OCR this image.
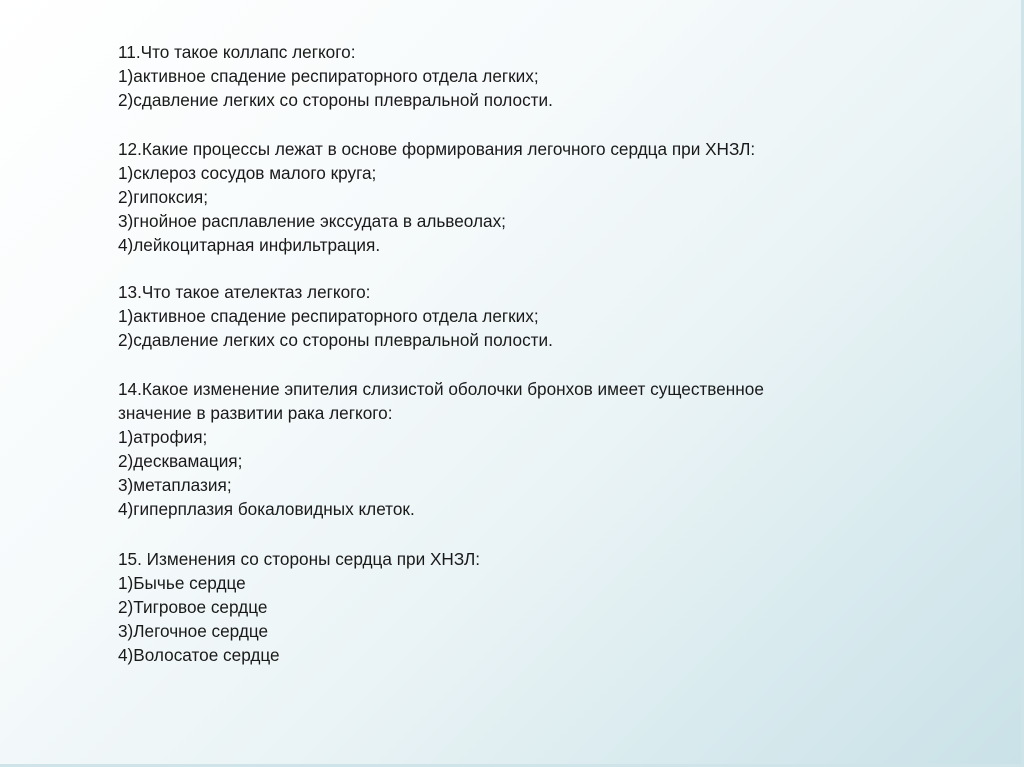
11.Что такое коллапс легкого:

1)активное спадение респираторного отдела легких;

2)сдавление легких со стороны плевральной полости.

12.Какие процессы лежат в основе формирования легочного сердца при ХНЗЛ:

1)склероз сосудов малого круга;

2)гипоксия;

3)гнойное расплавление экссудата в альвеолах;

4)лейкоцитарная инфильтрация.

13.Что такое ателектаз легкого:

1)активное спадение респираторного отдела легких;

2)сдавление легких со стороны плевральной полости.

14.Какое изменение эпителия слизистой оболочки бронхов имеет существенное

значение в развитии рака легкого:

1)атрофия;

2)десквамация;

3)метаплазия;

4)гиперплазия бокаловидных клеток.

15. Изменения со стороны сердца при ХНЗЛ:

1)Бычье сердце

2)Тигровое сердце

3)Легочное сердце

4)Волосатое сердце
